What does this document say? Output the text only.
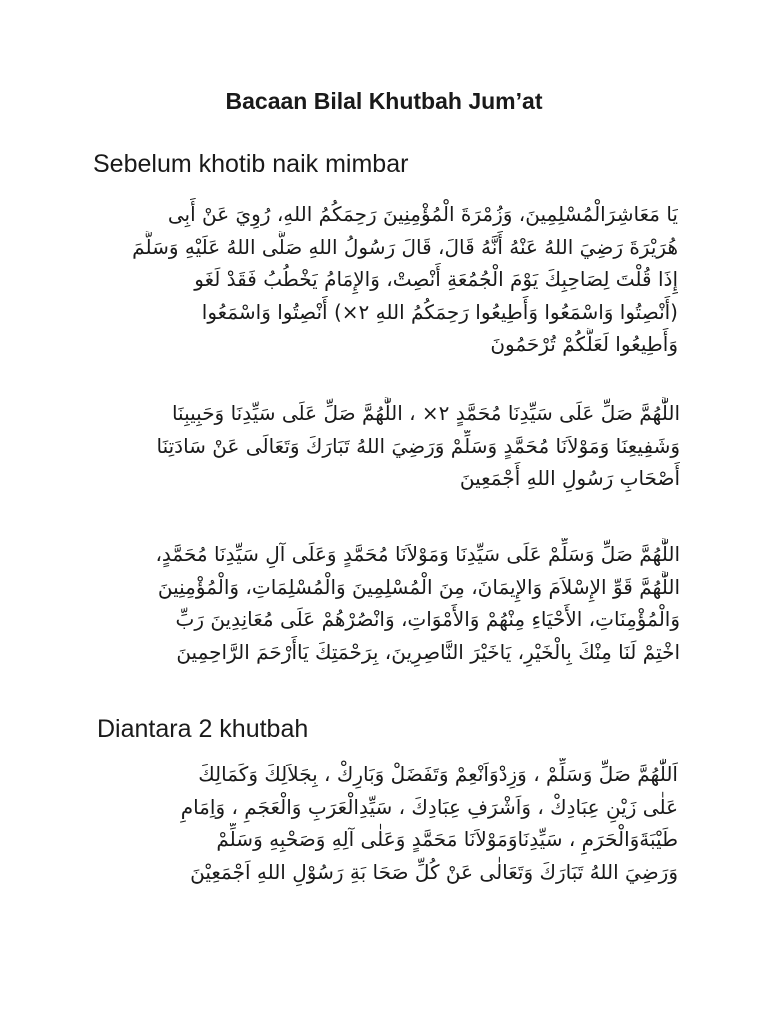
Bacaan Bilal Khutbah Jum’at
Sebelum khotib naik mimbar
يَا مَعَاشِرَالْمُسْلِمِينَ، وَزُمْرَةَ الْمُؤْمِنِينَ رَحِمَكُمُ اللهِ، رُوِيَ عَنْ أَبِى
هُرَيْرَةَ رَضِيَ اللهُ عَنْهُ أَنَّهُ قَالَ، قَالَ رَسُولُ اللهِ صَلَّى اللهُ عَلَيْهِ وَسَلَّمَ
إِذَا قُلْتَ لِصَاحِبِكَ يَوْمَ الْجُمُعَةِ أَنْصِتْ، وَالإِمَامُ يَخْطُبُ فَقَدْ لَغَو
(أَنْصِتُوا وَاسْمَعُوا وَأَطِيعُوا رَحِمَكُمُ اللهِ ٢×) أَنْصِتُوا وَاسْمَعُوا
وَأَطِيعُوا لَعَلَّكُمْ تُرْحَمُونَ
اللَّٰهُمَّ صَلِّ عَلَى سَيِّدِنَا مُحَمَّدٍ ٢× ، اللَّٰهُمَّ صَلِّ عَلَى سَيِّدِنَا وَحَبِيبِنَا
وَشَفِيعِنَا وَمَوْلاَنَا مُحَمَّدٍ وَسَلِّمْ وَرَضِيَ اللهُ تَبَارَكَ وَتَعَالَى عَنْ سَادَتِنَا
أَصْحَابِ رَسُولِ اللهِ أَجْمَعِينَ
اللَّٰهُمَّ صَلِّ وَسَلِّمْ عَلَى سَيِّدِنَا وَمَوْلاَنَا مُحَمَّدٍ وَعَلَى آلِ سَيِّدِنَا مُحَمَّدٍ،
اللَّٰهُمَّ قَوِّ الإِسْلاَمَ وَالإِيمَانَ، مِنَ الْمُسْلِمِينَ وَالْمُسْلِمَاتِ، وَالْمُؤْمِنِينَ
وَالْمُؤْمِنَاتِ، الأَحْيَاءِ مِنْهُمْ وَالأَمْوَاتِ، وَانْصُرْهُمْ عَلَى مُعَانِدِينَ رَبِّ
اخْتِمْ لَنَا مِنْكَ بِالْخَيْرِ، يَاخَيْرَ النَّاصِرِينَ، بِرَحْمَتِكَ يَاأَرْحَمَ الرَّاحِمِينَ
Diantara 2 khutbah
اَللّٰهُمَّ صَلِّ وَسَلِّمْ ، وَزِدْوَاَنْعِمْ وَتَفَضَلْ وَبَارِكْ ، بِجَلاَلِكَ وَكَمَالِكَ
عَلٰى زَيْنِ عِبَادِكْ ، وَاَشْرَفِ عِبَادِكَ ، سَيِّدِالْعَرَبِ وَالْعَجَمِ ، وَاِمَامِ
طَيْبَةَوَالْحَرَمِ ، سَيِّدِنَاوَمَوْلاَنَا مَحَمَّدٍ وَعَلٰى آلِهِ وَصَحْبِهِ وَسَلِّمْ
وَرَضِيَ اللهُ تَبَارَكَ وَتَعَالٰى عَنْ كُلِّ صَحَا بَةِ رَسُوْلِ اللهِ اَجْمَعِيْنَ
